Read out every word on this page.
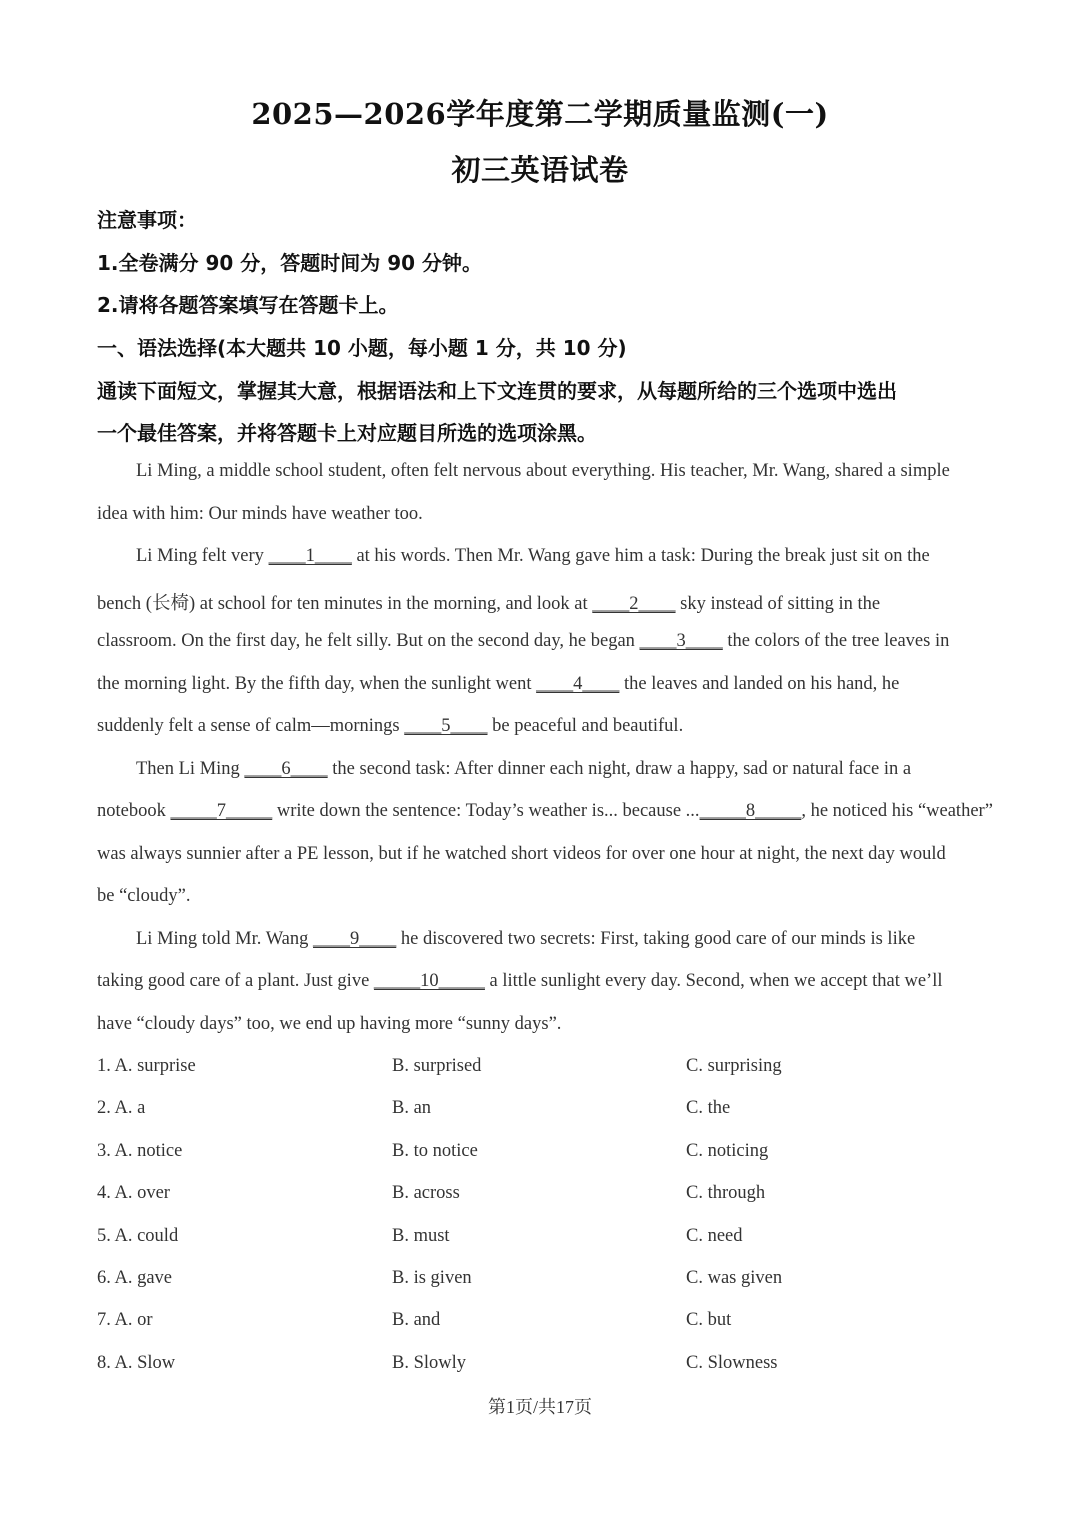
2025—2026学年度第二学期质量监测(一)
初三英语试卷
注意事项：
1.全卷满分 90 分，答题时间为 90 分钟。
2.请将各题答案填写在答题卡上。
一、语法选择(本大题共 10 小题，每小题 1 分，共 10 分)
通读下面短文，掌握其大意，根据语法和上下文连贯的要求，从每题所给的三个选项中选出
一个最佳答案，并将答题卡上对应题目所选的选项涂黑。
Li Ming, a middle school student, often felt nervous about everything. His teacher, Mr. Wang, shared a simple
idea with him: Our minds have weather too.
Li Ming felt very ____1____ at his words. Then Mr. Wang gave him a task: During the break just sit on the
bench (长椅) at school for ten minutes in the morning, and look at ____2____ sky instead of sitting in the
classroom. On the first day, he felt silly. But on the second day, he began ____3____ the colors of the tree leaves in
the morning light. By the fifth day, when the sunlight went ____4____ the leaves and landed on his hand, he
suddenly felt a sense of calm—mornings ____5____ be peaceful and beautiful.
Then Li Ming ____6____ the second task: After dinner each night, draw a happy, sad or natural face in a
notebook _____7_____ write down the sentence: Today’s weather is... because ..._____8_____, he noticed his “weather”
was always sunnier after a PE lesson, but if he watched short videos for over one hour at night, the next day would
be “cloudy”.
Li Ming told Mr. Wang ____9____ he discovered two secrets: First, taking good care of our minds is like
taking good care of a plant. Just give _____10_____ a little sunlight every day. Second, when we accept that we’ll
have “cloudy days” too, we end up having more “sunny days”.
1. A. surprise	B. surprised	C. surprising
2. A. a	B. an	C. the
3. A. notice	B. to notice	C. noticing
4. A. over	B. across	C. through
5. A. could	B. must	C. need
6. A. gave	B. is given	C. was given
7. A. or	B. and	C. but
8. A. Slow	B. Slowly	C. Slowness
第1页/共17页
